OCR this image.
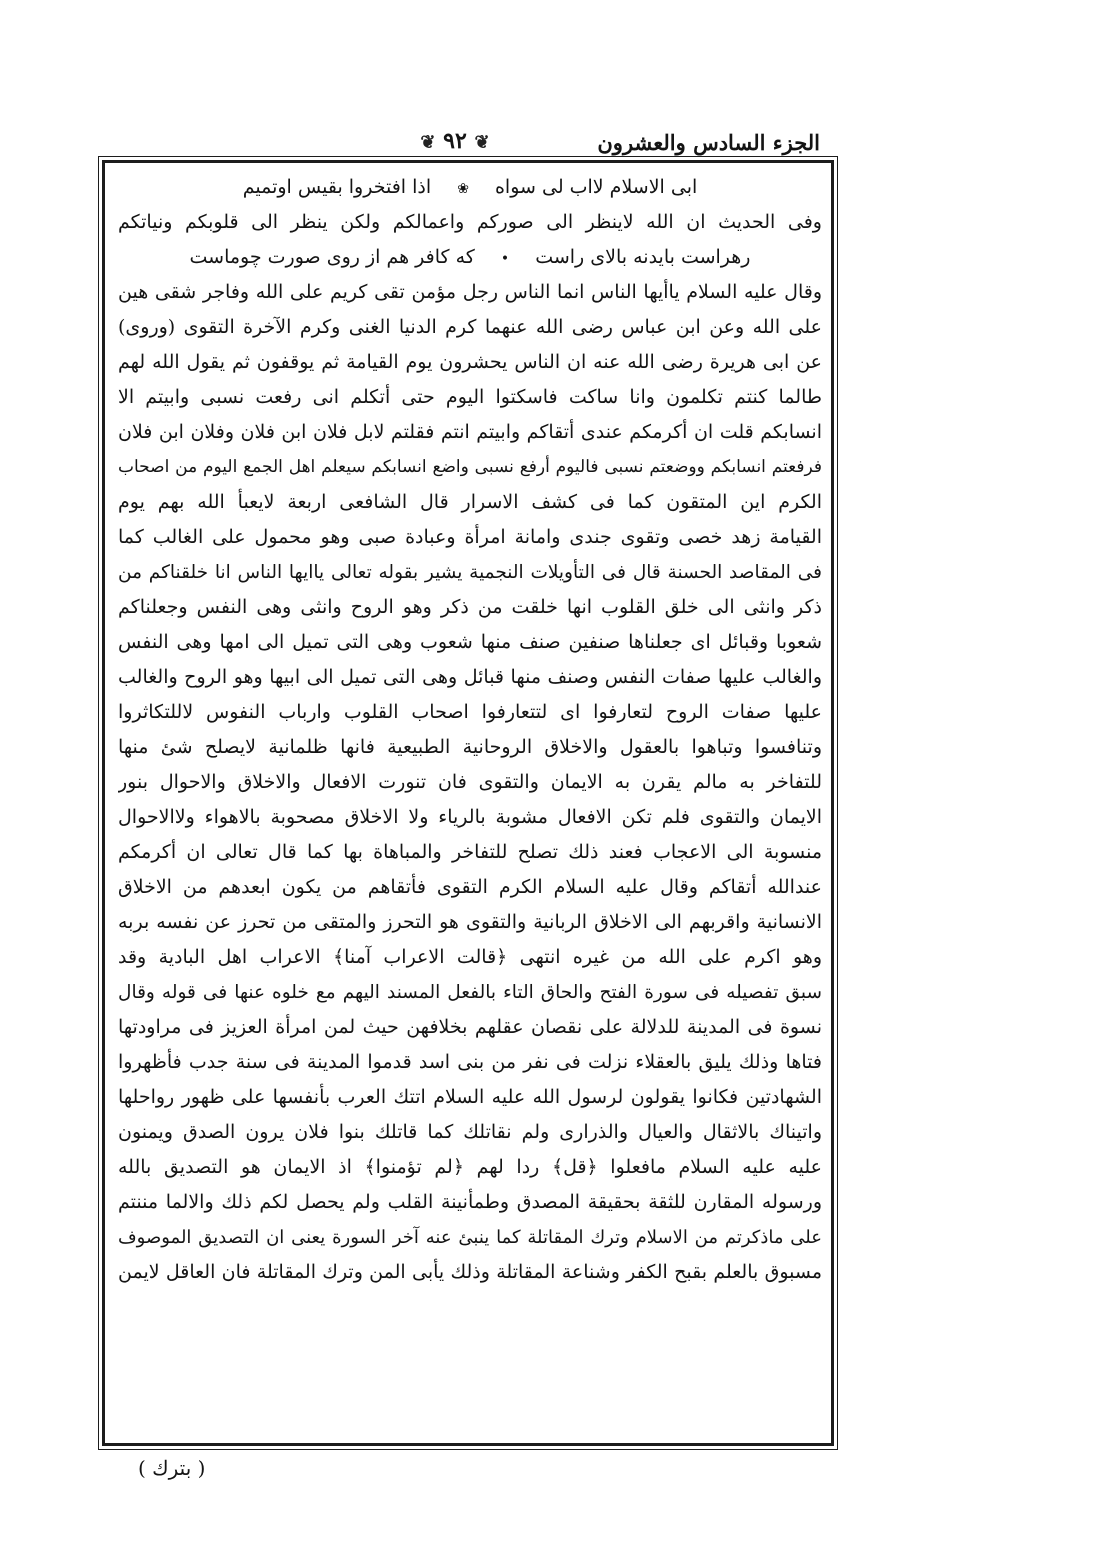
الجزء السادس والعشرون
❦ ٩٢ ❦
ابى الاسلام لااب لى سواه ❀ اذا افتخروا بقيس اوتميم
وفى الحديث ان الله لاينظر الى صوركم واعمالكم ولكن ينظر الى قلوبكم ونياتكم
رهراست بايدنه بالاى راست • كه كافر هم از روى صورت چوماست
وقال عليه السلام ياأيها الناس انما الناس رجل مؤمن تقى كريم على الله وفاجر شقى هين
على الله وعن ابن عباس رضى الله عنهما كرم الدنيا الغنى وكرم الآخرة التقوى (وروى)
عن ابى هريرة رضى الله عنه ان الناس يحشرون يوم القيامة ثم يوقفون ثم يقول الله لهم
طالما كنتم تكلمون وانا ساكت فاسكتوا اليوم حتى أتكلم انى رفعت نسبى وابيتم الا
انسابكم قلت ان أكرمكم عندى أتقاكم وابيتم انتم فقلتم لابل فلان ابن فلان وفلان ابن فلان
فرفعتم انسابكم ووضعتم نسبى فاليوم أرفع نسبى واضع انسابكم سيعلم اهل الجمع اليوم من اصحاب
الكرم اين المتقون كما فى كشف الاسرار قال الشافعى اربعة لايعبأ الله بهم يوم
القيامة زهد خصى وتقوى جندى وامانة امرأة وعبادة صبى وهو محمول على الغالب كما
فى المقاصد الحسنة قال فى التأويلات النجمية يشير بقوله تعالى ياايها الناس انا خلقناكم من
ذكر وانثى الى خلق القلوب انها خلقت من ذكر وهو الروح وانثى وهى النفس وجعلناكم
شعوبا وقبائل اى جعلناها صنفين صنف منها شعوب وهى التى تميل الى امها وهى النفس
والغالب عليها صفات النفس وصنف منها قبائل وهى التى تميل الى ابيها وهو الروح والغالب
عليها صفات الروح لتعارفوا اى لتتعارفوا اصحاب القلوب وارباب النفوس لاللتكاثروا
وتنافسوا وتباهوا بالعقول والاخلاق الروحانية الطبيعية فانها ظلمانية لايصلح شئ منها
للتفاخر به مالم يقرن به الايمان والتقوى فان تنورت الافعال والاخلاق والاحوال بنور
الايمان والتقوى فلم تكن الافعال مشوبة بالرياء ولا الاخلاق مصحوبة بالاهواء ولاالاحوال
منسوبة الى الاعجاب فعند ذلك تصلح للتفاخر والمباهاة بها كما قال تعالى ان أكرمكم
عندالله أتقاكم وقال عليه السلام الكرم التقوى فأتقاهم من يكون ابعدهم من الاخلاق
الانسانية واقربهم الى الاخلاق الربانية والتقوى هو التحرز والمتقى من تحرز عن نفسه بربه
وهو اكرم على الله من غيره انتهى ﴿قالت الاعراب آمنا﴾ الاعراب اهل البادية وقد
سبق تفصيله فى سورة الفتح والحاق التاء بالفعل المسند اليهم مع خلوه عنها فى قوله وقال
نسوة فى المدينة للدلالة على نقصان عقلهم بخلافهن حيث لمن امرأة العزيز فى مراودتها
فتاها وذلك يليق بالعقلاء نزلت فى نفر من بنى اسد قدموا المدينة فى سنة جدب فأظهروا
الشهادتين فكانوا يقولون لرسول الله عليه السلام اتتك العرب بأنفسها على ظهور رواحلها
واتيناك بالاثقال والعيال والذرارى ولم نقاتلك كما قاتلك بنوا فلان يرون الصدق ويمنون
عليه عليه السلام مافعلوا ﴿قل﴾ ردا لهم ﴿لم تؤمنوا﴾ اذ الايمان هو التصديق بالله
ورسوله المقارن للثقة بحقيقة المصدق وطمأنينة القلب ولم يحصل لكم ذلك والالما مننتم
على ماذكرتم من الاسلام وترك المقاتلة كما ينبئ عنه آخر السورة يعنى ان التصديق الموصوف
مسبوق بالعلم بقبح الكفر وشناعة المقاتلة وذلك يأبى المن وترك المقاتلة فان العاقل لايمن
( بترك )
